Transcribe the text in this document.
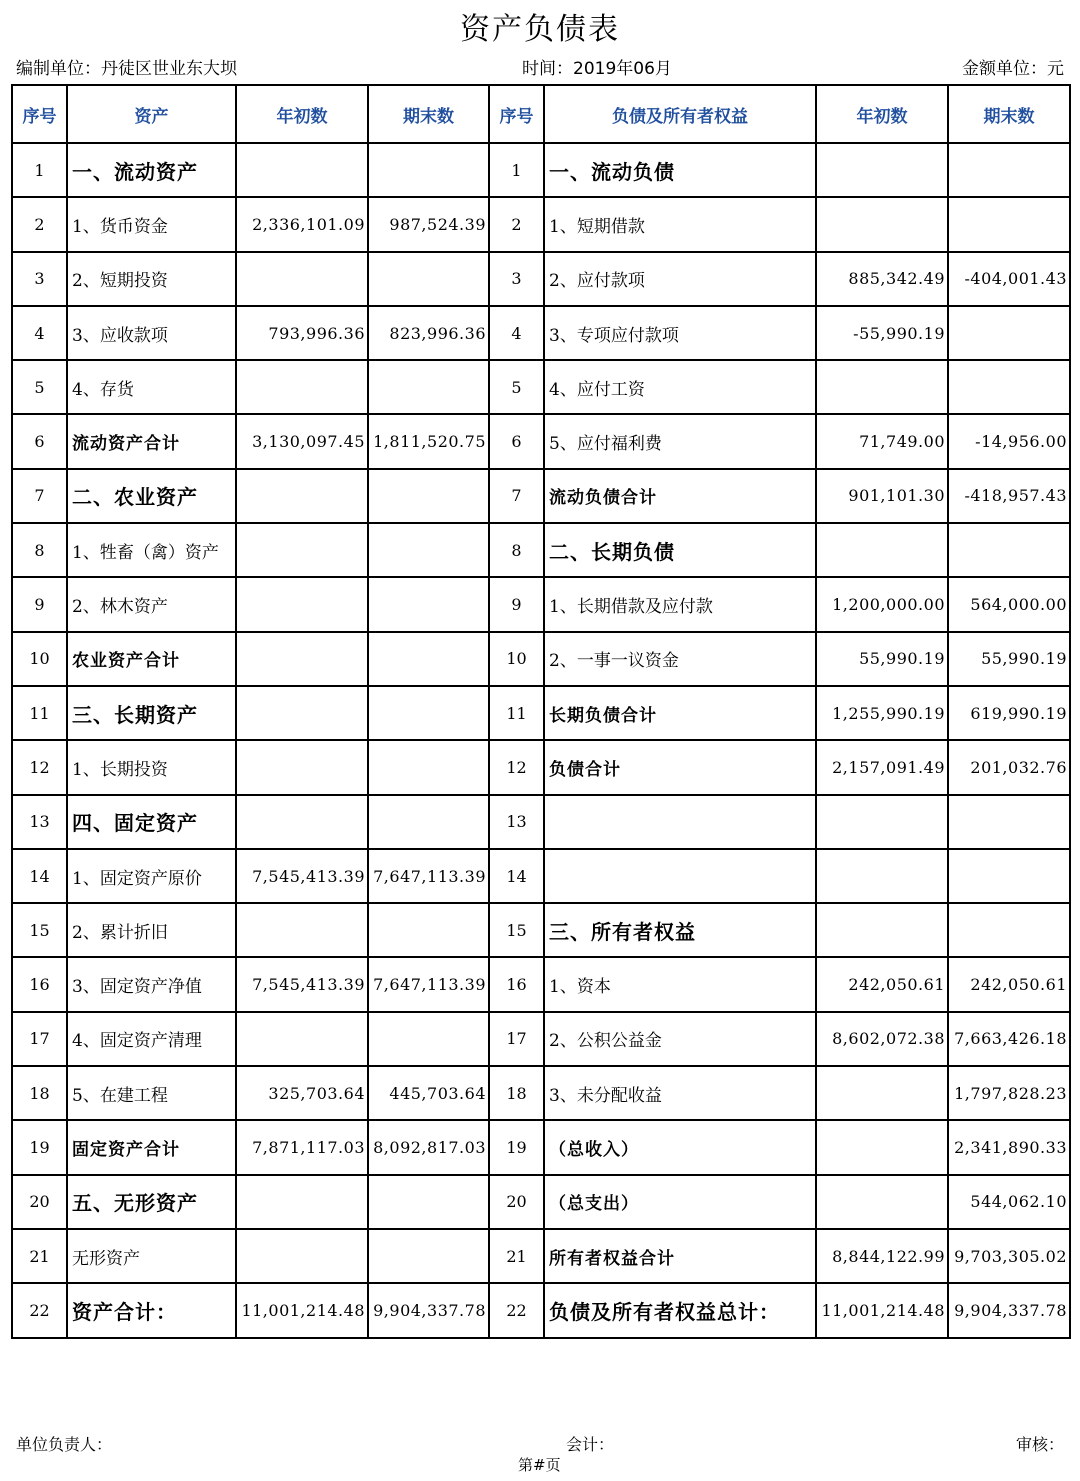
资产负债表
编制单位：丹徒区世业东大坝	时间：2019年06月	金额单位：元
序号	资产	年初数	期末数	序号	负债及所有者权益	年初数	期末数
1	一、流动资产			1	一、流动负债		
2	1、货币资金	2,336,101.09	987,524.39	2	1、短期借款		
3	2、短期投资			3	2、应付款项	885,342.49	-404,001.43
4	3、应收款项	793,996.36	823,996.36	4	3、专项应付款项	-55,990.19	
5	4、存货			5	4、应付工资		
6	流动资产合计	3,130,097.45	1,811,520.75	6	5、应付福利费	71,749.00	-14,956.00
7	二、农业资产			7	流动负债合计	901,101.30	-418,957.43
8	1、牲畜（禽）资产			8	二、长期负债		
9	2、林木资产			9	1、长期借款及应付款	1,200,000.00	564,000.00
10	农业资产合计			10	2、一事一议资金	55,990.19	55,990.19
11	三、长期资产			11	长期负债合计	1,255,990.19	619,990.19
12	1、长期投资			12	负债合计	2,157,091.49	201,032.76
13	四、固定资产			13			
14	1、固定资产原价	7,545,413.39	7,647,113.39	14			
15	2、累计折旧			15	三、所有者权益		
16	3、固定资产净值	7,545,413.39	7,647,113.39	16	1、资本	242,050.61	242,050.61
17	4、固定资产清理			17	2、公积公益金	8,602,072.38	7,663,426.18
18	5、在建工程	325,703.64	445,703.64	18	3、未分配收益		1,797,828.23
19	固定资产合计	7,871,117.03	8,092,817.03	19	（总收入）		2,341,890.33
20	五、无形资产			20	（总支出）		544,062.10
21	无形资产			21	所有者权益合计	8,844,122.99	9,703,305.02
22	资产合计：	11,001,214.48	9,904,337.78	22	负债及所有者权益总计：	11,001,214.48	9,904,337.78
单位负责人：	会计：	审核：
第#页
